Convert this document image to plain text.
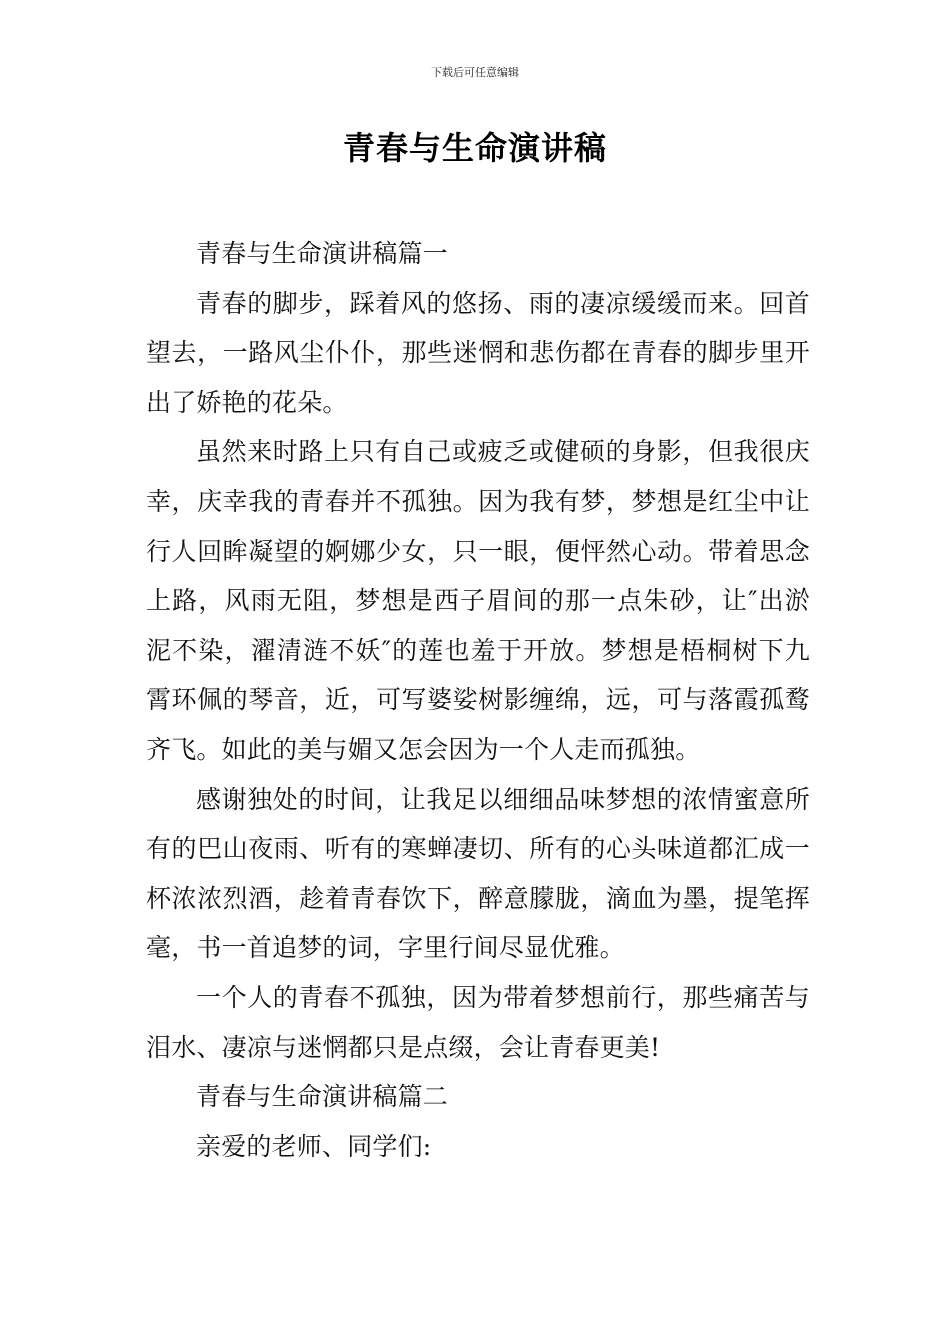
下载后可任意编辑
青春与生命演讲稿

青春与生命演讲稿篇一

青春的脚步，踩着风的悠扬、雨的凄凉缓缓而来。回首望去，一路风尘仆仆，那些迷惘和悲伤都在青春的脚步里开出了娇艳的花朵。

虽然来时路上只有自己或疲乏或健硕的身影，但我很庆幸，庆幸我的青春并不孤独。因为我有梦，梦想是红尘中让行人回眸凝望的婀娜少女，只一眼，便怦然心动。带着思念上路，风雨无阻，梦想是西子眉间的那一点朱砂，让″出淤泥不染，濯清涟不妖″的莲也羞于开放。梦想是梧桐树下九霄环佩的琴音，近，可写婆娑树影缠绵，远，可与落霞孤鹜齐飞。如此的美与媚又怎会因为一个人走而孤独。

感谢独处的时间，让我足以细细品味梦想的浓情蜜意所有的巴山夜雨、听有的寒蝉凄切、所有的心头味道都汇成一杯浓浓烈酒，趁着青春饮下，醉意朦胧，滴血为墨，提笔挥毫，书一首追梦的词，字里行间尽显优雅。

一个人的青春不孤独，因为带着梦想前行，那些痛苦与泪水、凄凉与迷惘都只是点缀，会让青春更美!

青春与生命演讲稿篇二

亲爱的老师、同学们:
